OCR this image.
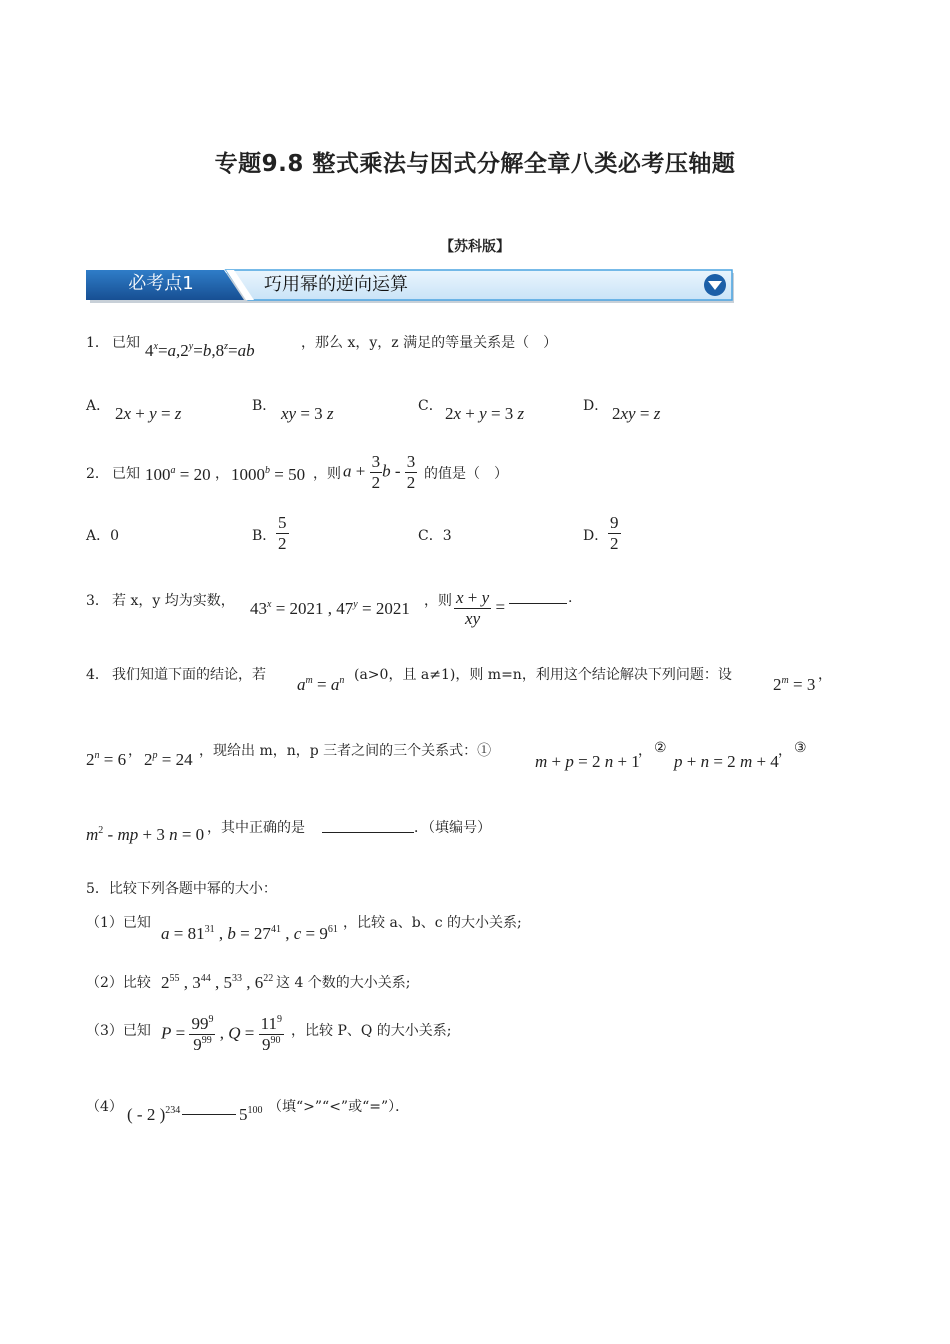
专题9.8 整式乘法与因式分解全章八类必考压轴题
【苏科版】
必考点1	巧用幂的逆向运算
1． 已知 $4^x=a,2^y=b,8^z=ab$	，那么 x，y，z 满足的等量关系是（　）
A． 2x + y = z	B． xy = 3 z	C． 2x + y = 3 z	D． 2xy = z
2． 已知 $100^a = 20$ ， $1000^b = 50$ ，则 $a + \frac{3}{2}$ b - $\frac{3}{2}$ 的值是（　）
A．0	B． $\frac{5}{2}$	C．3	D． $\frac{9}{2}$
3． 若 x，y 均为实数， $43^x = 2021$ , $47^y = 2021$ ，则 $\frac{x + y}{xy}$ =	.
4． 我们知道下面的结论，若 $a^m = a^n$ (a>0，且 a≠1)，则 m=n，利用这个结论解决下列问题：设 $2^m = 3$ ，
$2^n = 6$ ， $2^p = 24$ ，现给出 m，n，p 三者之间的三个关系式：①
m + p = 2 n + 1
， ②
p + n = 2 m + 4
， ③
$m^2$ - mp + 3 n = 0 ，其中正确的是	．（填编号）
5．比较下列各题中幂的大小：
（1）已知
$a = 81^{31}$ , $b = 27^{41}$ , $c = 9^{61}$ ，比较 a、b、c 的大小关系;
（2）比较 $2^{55}$ , $3^{44}$ , $5^{33}$ , $6^{22}$ 这 4 个数的大小关系;
（3）已知 $P = \frac{99^9}{9^{99}}$ , $Q = \frac{11^9}{9^{90}}$ ，比较 P、Q 的大小关系;
（4） ( - 2 )$^{234}$	$5^{100}$ （填“>”“<”或“=”）．
